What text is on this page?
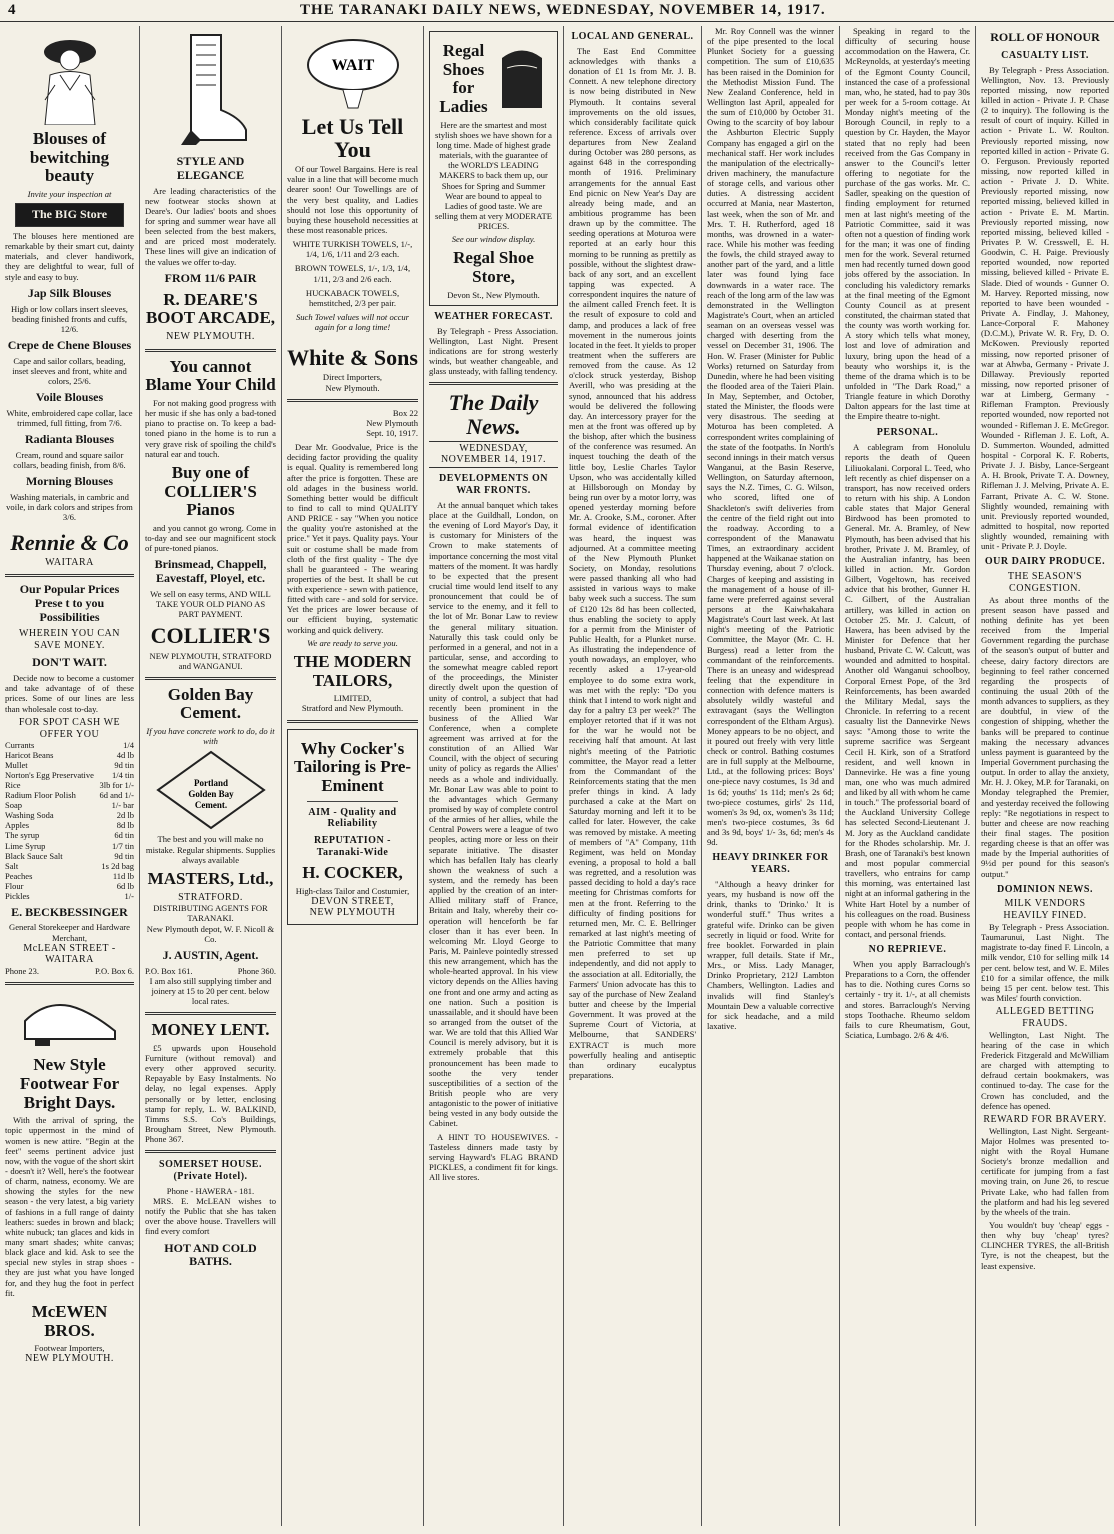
4	THE TARANAKI DAILY NEWS, WEDNESDAY, NOVEMBER 14, 1917.
Blouses of bewitching beauty
Invite your inspection at
The BIG Store
The blouses here mentioned are remarkable by their smart cut, dainty materials, and clever handiwork, they are delightful to wear, full of style and easy to buy.
Jap Silk Blouses
High or low collars insert sleeves, beading finished fronts and cuffs, 12/6.
Crepe de Chene Blouses
Cape and sailor collars, beading, inset sleeves and front, white and colors, 25/6.
Voile Blouses
White, embroidered cape collar, lace trimmed, full fitting, from 7/6.
Radianta Blouses
Cream, round and square sailor collars, beading finish, from 8/6.
Morning Blouses
Washing materials, in cambric and voile, in dark colors and stripes from 3/6.
Rennie & Co
WAITARA
Our Popular Prices Prese t to you Possibilities
WHEREIN YOU CAN SAVE MONEY.
DON'T WAIT.
Decide now to become a customer and take advantage of of these prices. Some of our lines are less than wholesale cost to-day.
FOR SPOT CASH WE OFFER YOU
Currants	1/4
Haricot Beans	4d lb
Mullet	9d tin
Norton's Egg Preservative 1/4 tin
Rice	3lb for 1/-
Radium Floor Polish	6d and 1/-
Soap	1/- bar
Washing Soda	2d lb
Apples	8d lb
The syrup	6d tin
Lime Syrup	1/7 tin
Black Sauce Salt	9d tin
Salt	1s 2d bag
Peaches	11d lb
Flour	6d lb
Pickles	1/-
E. BECKBESSINGER
General Storekeeper and Hardware Merchant,
McLEAN STREET - WAITARA
Phone 23.	P.O. Box 6.
New Style Footwear For Bright Days.
With the arrival of spring, the topic uppermost in the mind of women is new attire. "Begin at the feet" seems pertinent advice just now, with the vogue of the short skirt - doesn't it? Well, here's the footwear of charm, natness, economy. We are showing the styles for the new season - the very latest, a big variety of fashions in a full range of dainty leathers: suedes in brown and black; white nubuck; tan glaces and kids in many smart shades; white canvas; black glace and kid. Ask to see the special new styles in strap shoes - they are just what you have longed for, and they hug the foot in perfect fit.
McEWEN BROS.
Footwear Importers,
NEW PLYMOUTH.
STYLE AND ELEGANCE
Are leading characteristics of the new footwear stocks shown at Deare's. Our ladies' boots and shoes for spring and summer wear have all been selected from the best makers, and are priced most moderately. These lines will give an indication of the values we offer to-day.
FROM 11/6 PAIR
R. DEARE'S BOOT ARCADE,
NEW PLYMOUTH.
You cannot Blame Your Child
For not making good progress with her music if she has only a bad-toned piano to practise on. To keep a bad-toned piano in the home is to run a very grave risk of spoiling the child's natural ear and touch.
Buy one of COLLIER'S Pianos
and you cannot go wrong. Come in to-day and see our magnificent stock of pure-toned pianos.
Brinsmead, Chappell, Eavestaff, Ployel, etc.
We sell on easy terms, AND WILL TAKE YOUR OLD PIANO AS PART PAYMENT.
COLLIER'S
NEW PLYMOUTH, STRATFORD and WANGANUI.
Golden Bay Cement.
If you have concrete work to do, do it with
Portland
Golden Bay
Cement.
The best and you will make no mistake. Regular shipments. Supplies always available
MASTERS, Ltd.,
STRATFORD.
DISTRIBUTING AGENTS FOR TARANAKI.
New Plymouth depot, W. F. Nicoll & Co.
J. AUSTIN, Agent.
P.O. Box 161.	Phone 360.
I am also still supplying timber and joinery at 15 to 20 per cent. below local rates.
MONEY LENT.
£5 upwards upon Household Furniture (without removal) and every other approved security. Repayable by Easy Instalments. No delay, no legal expenses. Apply personally or by letter, enclosing stamp for reply, L. W. BALKIND, Timms S.S. Co's Buildings, Brougham Street, New Plymouth. Phone 367.
SOMERSET HOUSE. (Private Hotel).
Phone - HAWERA - 181.
MRS. E. McLEAN wishes to notify the Public that she has taken over the above house. Travellers will find every comfort
HOT AND COLD BATHS.
WAIT
Let Us Tell You
Of our Towel Bargains. Here is real value in a line that will become much dearer soon! Our Towellings are of the very best quality, and Ladies should not lose this opportunity of buying these household necessities at these most reasonable prices.
WHITE TURKISH TOWELS, 1/-, 1/4, 1/6, 1/11 and 2/3 each.
BROWN TOWELS, 1/-, 1/3, 1/4, 1/11, 2/3 and 2/6 each.
HUCKABACK TOWELS, hemstitched, 2/3 per pair.
Such Towel values will not occur again for a long time!
White & Sons
Direct Importers,
New Plymouth.
Box 22
New Plymouth
Sept. 10, 1917.
Dear Mr. Goodvalue, Price is the deciding factor providing the quality is equal. Quality is remembered long after the price is forgotten. These are old adages in the business world. Something better would be difficult to find to call to mind QUALITY AND PRICE - say "When you notice the quality you're astonished at the price." Yet it pays. Quality pays. Your suit or costume shall be made from cloth of the first quality - The dye shall be guaranteed - The wearing properties of the best. It shall be cut with experience - sewn with patience, fitted with care - and sold for service. Yet the prices are lower because of our efficient buying, systematic working and quick delivery.
We are ready to serve you.
THE MODERN TAILORS,
LIMITED,
Stratford and New Plymouth.
Why Cocker's Tailoring is Pre-Eminent
AIM - Quality and Reliability
REPUTATION - Taranaki-Wide
H. COCKER,
High-class Tailor and Costumier,
DEVON STREET,
NEW PLYMOUTH
Regal Shoes for Ladies
Here are the smartest and most stylish shoes we have shown for a long time. Made of highest grade materials, with the guarantee of the WORLD'S LEADING MAKERS to back them up, our Shoes for Spring and Summer Wear are bound to appeal to Ladies of good taste. We are selling them at very MODERATE PRICES.
See our window display.
Regal Shoe Store,
Devon St., New Plymouth.
WEATHER FORECAST.
By Telegraph - Press Association. Wellington, Last Night. Present indications are for strong westerly winds, but weather changeable, and glass unsteady, with falling tendency.
The Daily News.
WEDNESDAY, NOVEMBER 14, 1917.
DEVELOPMENTS ON WAR FRONTS.
At the annual banquet which takes place at the Guildhall, London, on the evening of Lord Mayor's Day, it is customary for Ministers of the Crown to make statements of importance concerning the most vital matters of the moment. It was hardly to be expected that the present crucial time would lend itself to any pronouncement that could be of service to the enemy, and it fell to the lot of Mr. Bonar Law to review the general military situation. Naturally this task could only be performed in a general, and not in a particular, sense, and according to the somewhat meagre cabled report of the proceedings, the Minister directly dwelt upon the question of unity of control, a subject that had recently been prominent in the business of the Allied War Conference, when a complete agreement was arrived at for the constitution of an Allied War Council, with the object of securing unity of policy as regards the Allies' needs as a whole and individually. Mr. Bonar Law was able to point to the advantages which Germany promised by way of complete control of the armies of her allies, while the Central Powers were a league of two peoples, acting more or less on their separate initiative. The disaster which has befallen Italy has clearly shown the weakness of such a system, and the remedy has been applied by the creation of an inter-Allied military staff of France, Britain and Italy, whereby their co-operation will henceforth be far closer than it has ever been. In welcoming Mr. Lloyd George to Paris, M. Painleve pointedly stressed this new arrangement, which has the whole-hearted approval. In his view victory depends on the Allies having one front and one army and acting as one nation. Such a position is unassailable, and it should have been so arranged from the outset of the war. We are told that this Allied War Council is merely advisory, but it is extremely probable that this pronouncement has been made to soothe the very tender susceptibilities of a section of the British people who are very antagonistic to the power of initiative being vested in any body outside the Cabinet.
A HINT TO HOUSEWIVES. - Tasteless dinners made tasty by serving Hayward's FLAG BRAND PICKLES, a condiment fit for kings. All live stores.
LOCAL AND GENERAL.
The East End Committee acknowledges with thanks a donation of £1 1s from Mr. J. B. Connett. A new telephone directory is now being distributed in New Plymouth. It contains several improvements on the old issues, which considerably facilitate quick reference. Excess of arrivals over departures from New Zealand during October was 280 persons, as against 648 in the corresponding month of 1916. Preliminary arrangements for the annual East End picnic on New Year's Day are already being made, and an ambitious programme has been drawn up by the committee. The seeding operations at Moturoa were reported at an early hour this morning to be running as prettily as possible, without the slightest draw-back of any sort, and an excellent tapping was expected. A correspondent inquires the nature of the ailment called French feet. It is the result of exposure to cold and damp, and produces a lack of free movement in the numerous joints located in the feet. It yields to proper treatment when the sufferers are removed from the cause. As 12 o'clock struck yesterday, Bishop Averill, who was presiding at the synod, announced that his address would be delivered the following day. An intercessory prayer for the men at the front was offered up by the bishop, after which the business of the conference was resumed. An inquest touching the death of the little boy, Leslie Charles Taylor Upson, who was accidentally killed at Hillsborough on Monday by being run over by a motor lorry, was opened yesterday morning before Mr. A. Crooke, S.M., coroner. After formal evidence of identification was heard, the inquest was adjourned. At a committee meeting of the New Plymouth Plunket Society, on Monday, resolutions were passed thanking all who had assisted in various ways to make baby week such a success. The sum of £120 12s 8d has been collected, thus enabling the society to apply for a permit from the Minister of Public Health, for a Plunket nurse. As illustrating the independence of youth nowadays, an employer, who recently asked a 17-year-old employee to do some extra work, was met with the reply: "Do you think that I intend to work night and day for a paltry £3 per week?" The employer retorted that if it was not for the war he would not be receiving half that amount. At last night's meeting of the Patriotic committee, the Mayor read a letter from the Commandant of the Reinforcements stating that the men prefer things in kind. A lady purchased a cake at the Mart on Saturday morning and left it to be called for later. However, the cake was removed by mistake. A meeting of members of "A" Company, 11th Regiment, was held on Monday evening, a proposal to hold a ball was regretted, and a resolution was passed deciding to hold a day's race meeting for Christmas comforts for men at the front. Referring to the difficulty of finding positions for returned men, Mr. C. E. Bellringer remarked at last night's meeting of the Patriotic Committee that many men preferred to set up independently, and did not apply to the association at all. Editorially, the Farmers' Union advocate has this to say of the purchase of New Zealand butter and cheese by the Imperial Government. It was proved at the Supreme Court of Victoria, at Melbourne, that SANDERS' EXTRACT is much more powerfully healing and antiseptic than ordinary eucalyptus preparations.
Mr. Roy Connell was the winner of the pipe presented to the local Plunket Society for a guessing competition. The sum of £10,635 has been raised in the Dominion for the Methodist Mission Fund. The New Zealand Conference, held in Wellington last April, appealed for the sum of £10,000 by October 31. Owing to the scarcity of boy labour the Ashburton Electric Supply Company has engaged a girl on the mechanical staff. Her work includes the manipulation of the electrically-driven machinery, the manufacture of storage cells, and various other duties. A distressing accident occurred at Mania, near Masterton, last week, when the son of Mr. and Mrs. T. H. Rutherford, aged 18 months, was drowned in a water-race. While his mother was feeding the fowls, the child strayed away to another part of the yard, and a little later was found lying face downwards in a water race. The reach of the long arm of the law was demonstrated in the Wellington Magistrate's Court, when an articled seaman on an overseas vessel was charged with deserting from the vessel on December 31, 1906. The Hon. W. Fraser (Minister for Public Works) returned on Saturday from Dunedin, where he had been visiting the flooded area of the Taieri Plain. In May, September, and October, stated the Minister, the floods were very disastrous. The seeding at Moturoa has been completed. A correspondent writes complaining of the state of the footpaths. In North's second innings in their match versus Wanganui, at the Basin Reserve, Wellington, on Saturday afternoon, says the N.Z. Times, C. G. Wilson, who scored, lifted one of Shackleton's swift deliveries from the centre of the field right out into the roadway. According to a correspondent of the Manawatu Times, an extraordinary accident happened at the Waikanae station on Thursday evening, about 7 o'clock. Charges of keeping and assisting in the management of a house of ill-fame were preferred against several persons at the Kaiwhakahara Magistrate's Court last week. At last night's meeting of the Patriotic Committee, the Mayor (Mr. C. H. Burgess) read a letter from the commandant of the reinforcements. There is an uneasy and widespread feeling that the expenditure in connection with defence matters is absolutely wildly wasteful and extravagant (says the Wellington correspondent of the Eltham Argus). Money appears to be no object, and it poured out freely with very little check or control. Bathing costumes are in full supply at the Melbourne, Ltd., at the following prices: Boys' one-piece navy costumes, 1s 3d and 1s 6d; youths' 1s 11d; men's 2s 6d; two-piece costumes, girls' 2s 11d, women's 3s 9d, ox, women's 3s 11d; men's two-piece costumes, 3s 6d and 3s 9d, boys' 1/- 3s, 6d; men's 4s 9d.
HEAVY DRINKER FOR YEARS.
"Although a heavy drinker for years, my husband is now off the drink, thanks to 'Drinko.' It is wonderful stuff." Thus writes a grateful wife. Drinko can be given secretly in liquid or food. Write for free booklet. Forwarded in plain wrapper, full details. State if Mr., Mrs., or Miss. Lady Manager, Drinko Proprietary, 212J Lambton Chambers, Wellington. Ladies and invalids will find Stanley's Mountain Dew a valuable corrective for sick headache, and a mild laxative.
Speaking in regard to the difficulty of securing house accommodation on the Hawera, Cr. McReynolds, at yesterday's meeting of the Egmont County Council, instanced the case of a professional man, who, he stated, had to pay 30s per week for a 5-room cottage. At Monday night's meeting of the Borough Council, in reply to a question by Cr. Hayden, the Mayor stated that no reply had been received from the Gas Company in answer to the Council's letter offering to negotiate for the purchase of the gas works. Mr. C. Sadler, speaking on the question of finding employment for returned men at last night's meeting of the Patriotic Committee, said it was often not a question of finding work for the man; it was one of finding men for the work. Several returned men had recently turned down good jobs offered by the association. In concluding his valedictory remarks at the final meeting of the Egmont County Council as at present constituted, the chairman stated that the county was worth working for. A story which tells what money, lost and love of admiration and luxury, bring upon the head of a beauty who worships it, is the theme of the drama which is to be unfolded in "The Dark Road," a Triangle feature in which Dorothy Dalton appears for the last time at the Empire theatre to-night.
PERSONAL.
A cablegram from Honolulu reports the death of Queen Liliuokalani. Corporal L. Teed, who left recently as chief dispenser on a transport, has now received orders to return with his ship. A London cable states that Major General Birdwood has been promoted to General. Mr. A. Bramley, of New Plymouth, has been advised that his brother, Private J. M. Bramley, of the Australian infantry, has been killed in action. Mr. Gordon Gilbert, Vogeltown, has received advice that his brother, Gunner H. C. Gilbert, of the Australian artillery, was killed in action on October 25. Mr. J. Calcutt, of Hawera, has been advised by the Minister for Defence that her husband, Private C. W. Calcutt, was wounded and admitted to hospital. Another old Wanganui schoolboy, Corporal Ernest Pope, of the 3rd Reinforcements, has been awarded the Military Medal, says the Chronicle. In referring to a recent casualty list the Dannevirke News says: "Among those to write the supreme sacrifice was Sergeant Cecil H. Kirk, son of a Stratford resident, and well known in Dannevirke. He was a fine young man, one who was much admired and liked by all with whom he came in touch." The professorial board of the Auckland University College has selected Second-Lieutenant J. M. Jory as the Auckland candidate for the Rhodes scholarship. Mr. J. Brash, one of Taranaki's best known and most popular commercial travellers, who entrains for camp this morning, was entertained last night at an informal gathering in the White Hart Hotel by a number of his colleagues on the road. Business people with whom he has come in contact, and personal friends.
NO REPRIEVE.
When you apply Barraclough's Preparations to a Corn, the offender has to die. Nothing cures Corns so certainly - try it. 1/-, at all chemists and stores. Barraclough's Nerving stops Toothache. Rheumo seldom fails to cure Rheumatism, Gout, Sciatica, Lumbago. 2/6 & 4/6.
ROLL OF HONOUR
CASUALTY LIST.
By Telegraph - Press Association. Wellington, Nov. 13. Previously reported missing, now reported killed in action - Private J. P. Chase (2 to inquiry). The following is the result of court of inquiry. Killed in action - Private L. W. Roulton. Previously reported missing, now reported killed in action - Private G. O. Ferguson. Previously reported missing, now reported killed in action - Private J. D. White. Previously reported missing, now reported missing, believed killed in action - Private E. M. Martin. Previously reported missing, now reported missing, believed killed - Privates P. W. Cresswell, E. H. Goodwin, C. H. Paige. Previously reported wounded, now reported missing, believed killed - Private E. Slade. Died of wounds - Gunner O. M. Harvey. Reported missing, now reported to have been wounded - Private A. Findlay, J. Mahoney, Lance-Corporal F. Mahoney (D.C.M.), Private W. R. Fry, D. O. McKowen. Previously reported missing, now reported prisoner of war at Ahwba, Germany - Private J. Dillaway. Previously reported missing, now reported prisoner of war at Limberg, Germany - Rifleman Frampton. Previously reported wounded, now reported not wounded - Rifleman J. E. McGregor. Wounded - Rifleman J. E. Loft, A. D. Summerton. Wounded, admitted hospital - Corporal K. F. Roberts, Private J. J. Bisby, Lance-Sergeant A. H. Brook, Private T. A. Downey, Rifleman J. J. Melving, Private A. E. Farrant, Private A. C. W. Stone. Slightly wounded, remaining with unit. Previously reported wounded, admitted to hospital, now reported slightly wounded, remaining with unit - Private P. J. Doyle.
OUR DAIRY PRODUCE.
THE SEASON'S CONGESTION.
As about three months of the present season have passed and nothing definite has yet been received from the Imperial Government regarding the purchase of the season's output of butter and cheese, dairy factory directors are beginning to feel rather concerned regarding the prospects of continuing the usual 20th of the month advances to suppliers, as they are doubtful, in view of the congestion of shipping, whether the banks will be prepared to continue making the necessary advances unless payment is guaranteed by the Imperial Government purchasing the output. In order to allay the anxiety, Mr. H. J. Okey, M.P. for Taranaki, on Monday telegraphed the Premier, and yesterday received the following reply: "Re negotiations in respect to butter and cheese are now reaching their final stages. The position regarding cheese is that an offer was made by the Imperial authorities of 9½d per pound for this season's output."
DOMINION NEWS.
MILK VENDORS HEAVILY FINED.
By Telegraph - Press Association. Taumarunui, Last Night. The magistrate to-day fined F. Lincoln, a milk vendor, £10 for selling milk 14 per cent. below test, and W. E. Miles £10 for a similar offence, the milk being 15 per cent. below test. This was Miles' fourth conviction.
ALLEGED BETTING FRAUDS.
Wellington, Last Night. The hearing of the case in which Frederick Fitzgerald and McWilliam are charged with attempting to defraud certain bookmakers, was continued to-day. The case for the Crown has concluded, and the defence has opened.
REWARD FOR BRAVERY.
Wellington, Last Night. Sergeant-Major Holmes was presented to-night with the Royal Humane Society's bronze medallion and certificate for jumping from a fast moving train, on June 26, to rescue Private Lake, who had fallen from the platform and had his leg severed by the wheels of the train.
You wouldn't buy 'cheap' eggs - then why buy 'cheap' tyres? CLINCHER TYRES, the all-British Tyre, is not the cheapest, but the least expensive.
